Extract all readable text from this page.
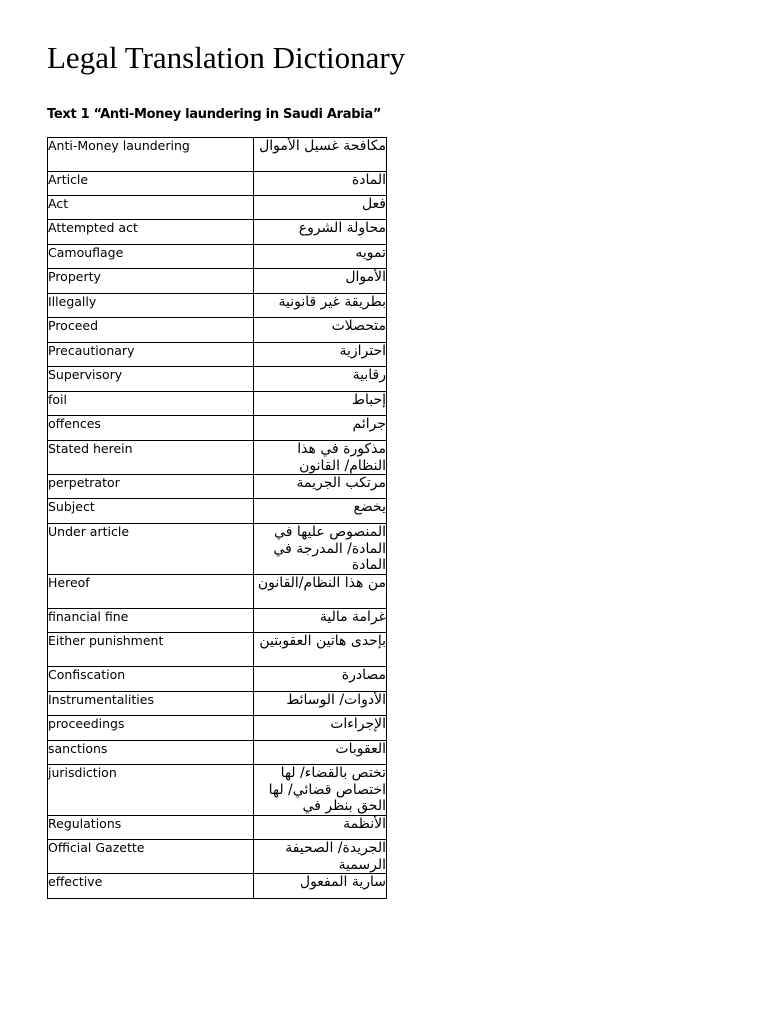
Legal Translation Dictionary

Text 1 “Anti-Money laundering in Saudi Arabia”

Anti-Money laundering	مكافحة غسيل الأموال
Article	المادة
Act	فعل
Attempted act	محاولة الشروع
Camouflage	تمويه
Property	الأموال
Illegally	بطريقة غير قانونية
Proceed	متحصلات
Precautionary	احترازية
Supervisory	رقابية
foil	إحباط
offences	جرائم
Stated herein	مذكورة في هذا النظام/ القانون
perpetrator	مرتكب الجريمة
Subject	يخضع
Under article	المنصوص عليها في المادة/ المدرجة في المادة
Hereof	من هذا النظام/القانون
financial fine	غرامة مالية
Either punishment	بإحدى هاتين العقوبتين
Confiscation	مصادرة
Instrumentalities	الأدوات/ الوسائط
proceedings	الإجراءات
sanctions	العقوبات
jurisdiction	تختص بالقضاء/ لها اختصاص قضائي/ لها الحق بنظر في
Regulations	الأنظمة
Official Gazette	الجريدة/ الصحيفة الرسمية
effective	سارية المفعول
